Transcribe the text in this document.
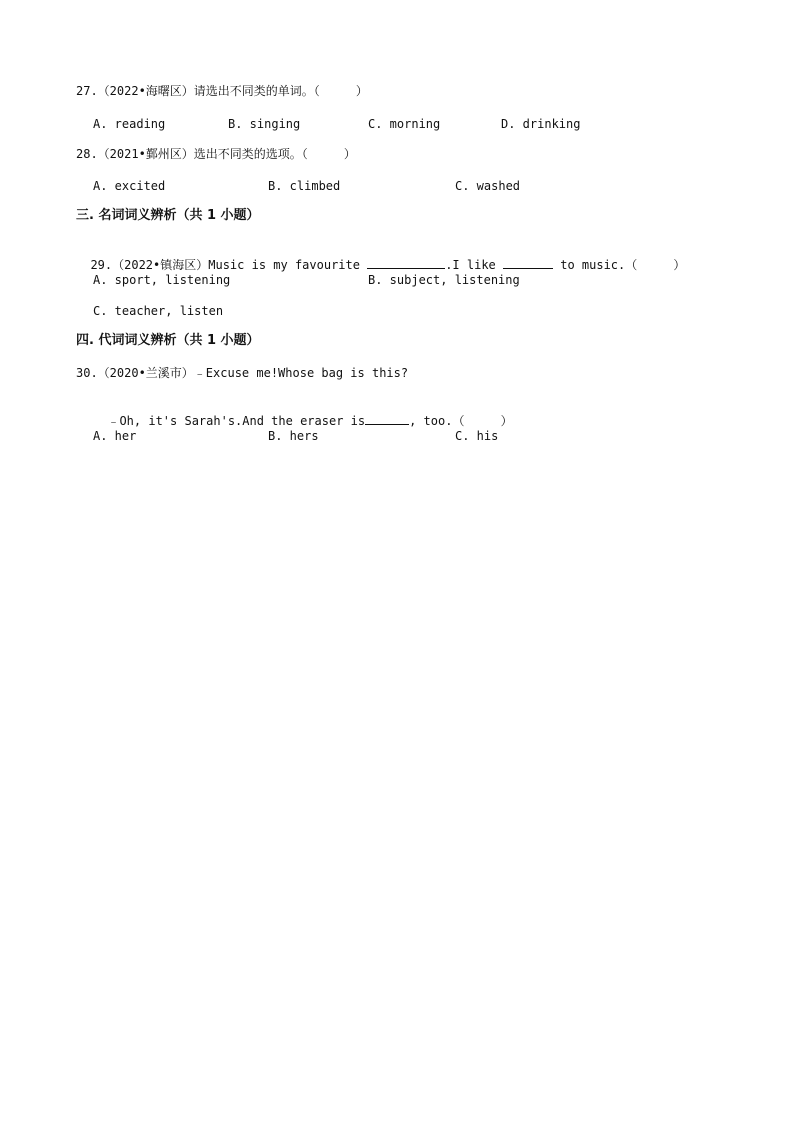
27.（2022•海曙区）请选出不同类的单词。（     ）
A. reading	B. singing	C. morning	D. drinking
28.（2021•鄞州区）选出不同类的选项。（     ）
A. excited	B. climbed	C. washed
三. 名词词义辨析（共 1 小题）

29.（2022•镇海区）Music is my favourite	.I like	to music.（     ）

A. sport, listening	B. subject, listening
C. teacher, listen
四. 代词词义辨析（共 1 小题）
30.（2020•兰溪市）﹣Excuse me!Whose bag is this?

﹣Oh, it's Sarah's.And the eraser is	, too.（     ）

A. her	B. hers	C. his
